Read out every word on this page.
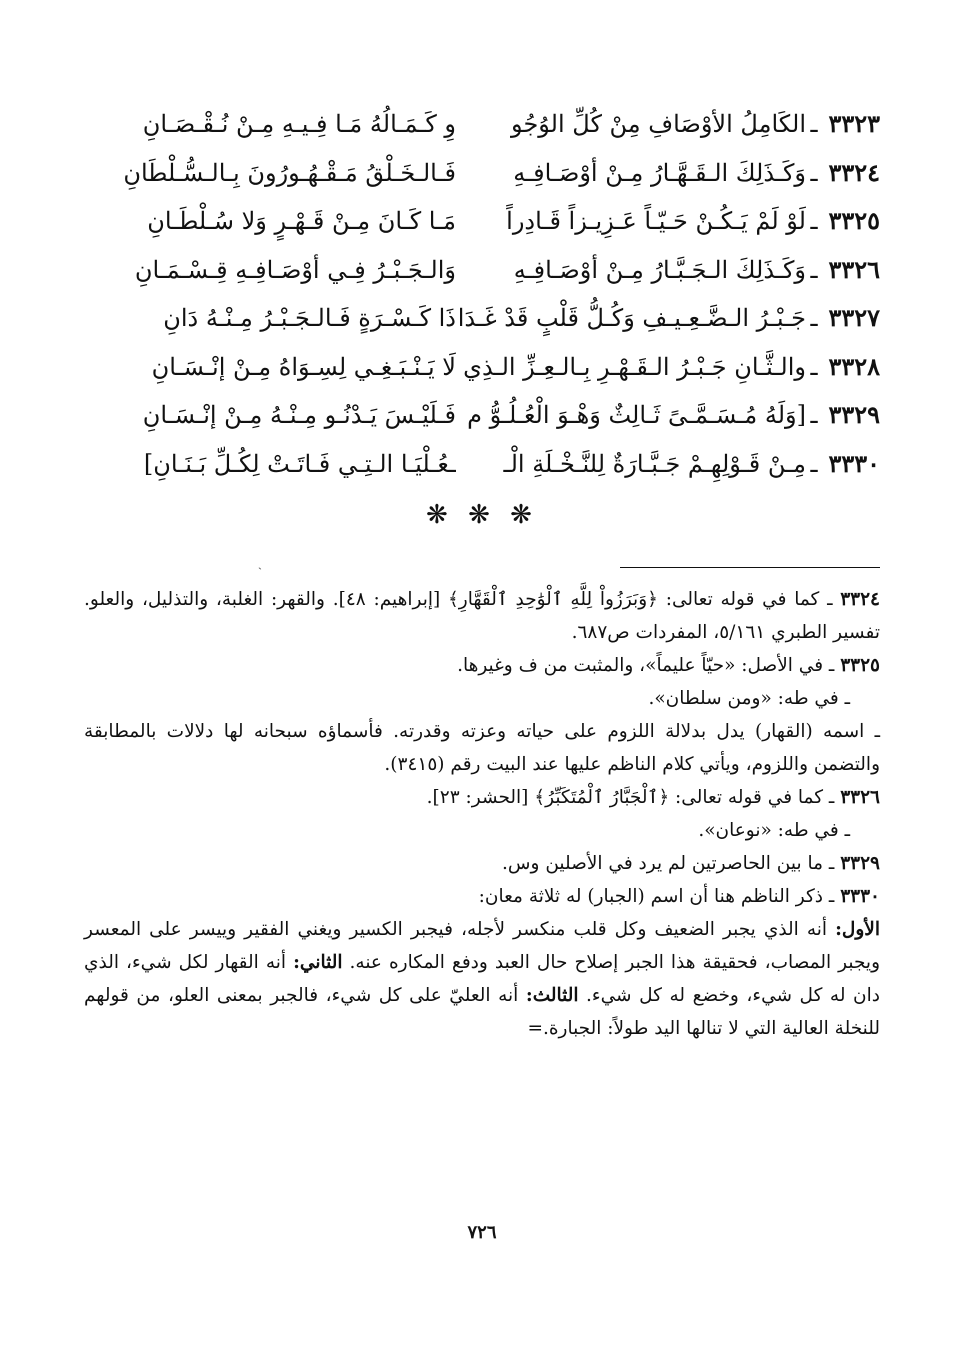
٣٣٢٣
ـ
الكَامِلُ الأوْصَافِ مِنْ كُلِّ الوُجُو
وِ كَـمَـالُهُ مَـا فِـيـهِ مِـنْ نُـقْـصَـانِ
٣٣٢٤
ـ
وَكَـذَلِكَ الـقَـهَّـارُ مِـنْ أوْصَـافِـهِ
فَـالـخَـلْقُ مَـقْـهُـورُونَ بِـالـسُّـلْطَانِ
٣٣٢٥
ـ
لَوْ لَمْ يَـكُـنْ حَـيّـاً عَـزِيـزاً قَـادِراً
مَـا كَـانَ مِـنْ قَـهْـرٍ وَلا سُـلْطَـانِ
٣٣٢٦
ـ
وَكَـذَلِكَ الـجَـبَّـارُ مِـنْ أوْصَـافِـهِ
وَالـجَـبْـرُ فِـي أوْصَـافِـهِ قِـسْـمَـانِ
٣٣٢٧
ـ
جَـبْـرُ الـضَّـعِـيـفِ وَكُـلُّ قَلْبٍ قَدْ غَـدَا
ذَا كَـسْـرَةٍ فَـالـجَـبْـرُ مِـنْـهُ دَانِ
٣٣٢٨
ـ
والـثَّـانِ جَـبْـرُ الـقَـهْـرِ بِـالـعِـزِّ الـذِي
لَا يَـنْـبَـغِـي لِسِـوَاهُ مِـنْ إنْـسَـانِ
٣٣٢٩
ـ
[وَلَهُ مُـسَـمَّـىً ثَـالِثٌ وَهْـوَ الْعُـلُـوُّ م
فَـلَيْـسَ يَـدْنُـو مِـنْـهُ مِـنْ إنْـسَـانِ
٣٣٣٠
ـ
مِـنْ قَـوْلِهِـمْ جَـبَّـارَةٌ لِلنَّـخْـلَةِ الْـ
ـعُـلْيَـا الـتِـي فَـاتَـتْ لِكُـلِّ بَـنَـانِ]
❋ ❋ ❋
ˎ

٣٣٢٤ ـ كما في قوله تعالى: ﴿وَبَرَزُواْ لِلَّهِ ٱلْوَٰحِدِ ٱلْقَهَّارِ﴾ [إبراهيم: ٤٨]. والقهر: الغلبة، والتذليل، والعلو. تفسير الطبري ٥/١٦١، المفردات ص٦٨٧.

٣٣٢٥ ـ في الأصل: «حيّاً عليماً»، والمثبت من ف وغيرها.

ـ في طه: «ومن سلطان».

ـ اسمه (القهار) يدل بدلالة اللزوم على حياته وعزته وقدرته. فأسماؤه سبحانه لها دلالات بالمطابقة والتضمن واللزوم، ويأتي كلام الناظم عليها عند البيت رقم (٣٤١٥).

٣٣٢٦ ـ كما في قوله تعالى: ﴿ٱلْجَبَّارُ ٱلْمُتَكَبِّرُ﴾ [الحشر: ٢٣].

ـ في طه: «نوعان».

٣٣٢٩ ـ ما بين الحاصرتين لم يرد في الأصلين وس.

٣٣٣٠ ـ ذكر الناظم هنا أن اسم (الجبار) له ثلاثة معان:

الأول: أنه الذي يجبر الضعيف وكل قلب منكسر لأجله، فيجبر الكسير ويغني الفقير وييسر على المعسر ويجبر المصاب، فحقيقة هذا الجبر إصلاح حال العبد ودفع المكاره عنه. الثاني: أنه القهار لكل شيء، الذي دان له كل شيء، وخضع له كل شيء. الثالث: أنه العليّ على كل شيء، فالجبر بمعنى العلو، من قولهم للنخلة العالية التي لا تنالها اليد طولاً: الجبارة.=

٧٢٦
